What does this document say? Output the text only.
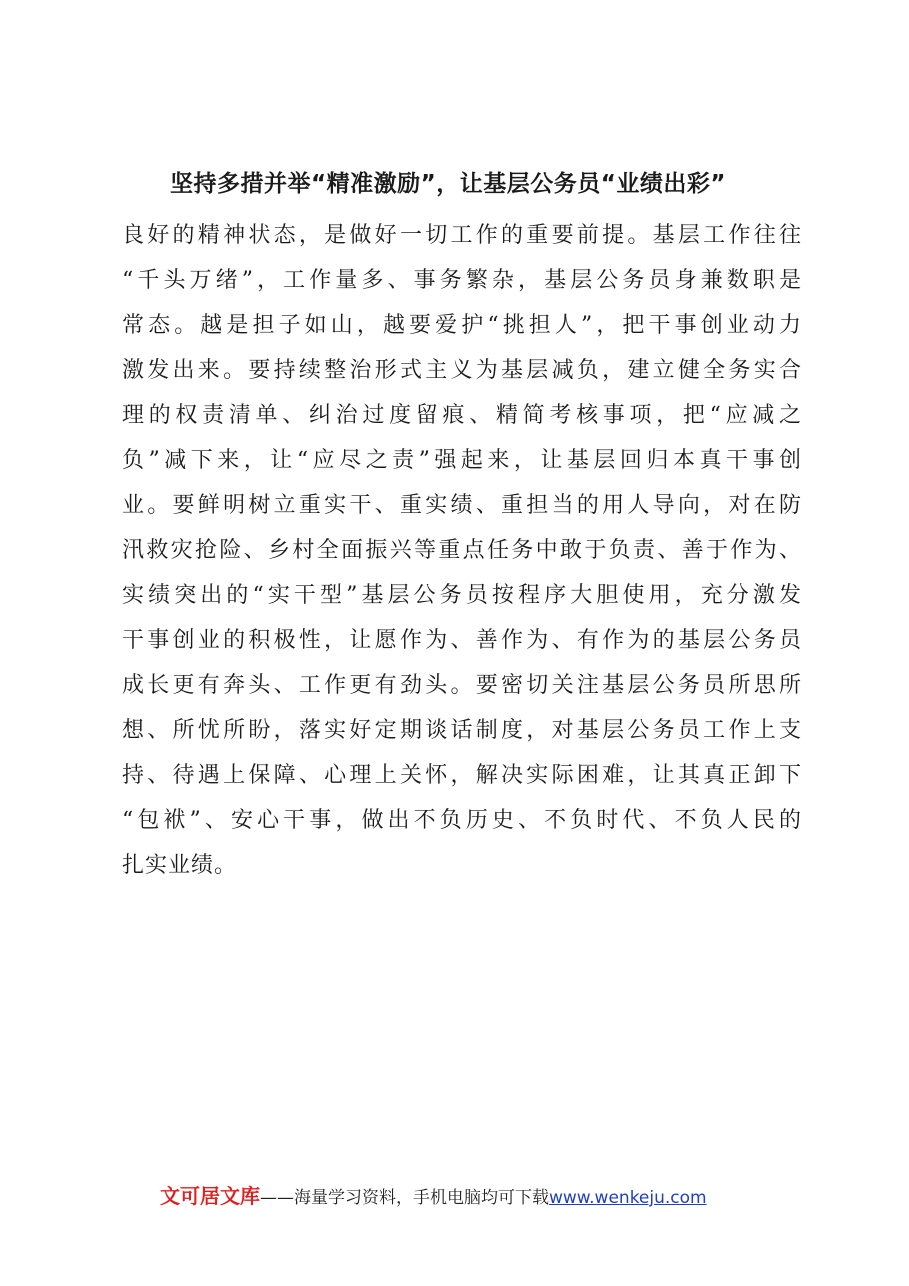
坚持多措并举“精准激励”，让基层公务员“业绩出彩”
良好的精神状态，是做好一切工作的重要前提。基层工作往往
“千头万绪”，工作量多、事务繁杂，基层公务员身兼数职是
常态。越是担子如山，越要爱护“挑担人”，把干事创业动力
激发出来。要持续整治形式主义为基层减负，建立健全务实合
理的权责清单、纠治过度留痕、精简考核事项，把“应减之
负”减下来，让“应尽之责”强起来，让基层回归本真干事创
业。要鲜明树立重实干、重实绩、重担当的用人导向，对在防
汛救灾抢险、乡村全面振兴等重点任务中敢于负责、善于作为、
实绩突出的“实干型”基层公务员按程序大胆使用，充分激发
干事创业的积极性，让愿作为、善作为、有作为的基层公务员
成长更有奔头、工作更有劲头。要密切关注基层公务员所思所
想、所忧所盼，落实好定期谈话制度，对基层公务员工作上支
持、待遇上保障、心理上关怀，解决实际困难，让其真正卸下
“包袱”、安心干事，做出不负历史、不负时代、不负人民的
扎实业绩。
文可居文库——海量学习资料，手机电脑均可下载www.wenkeju.com
